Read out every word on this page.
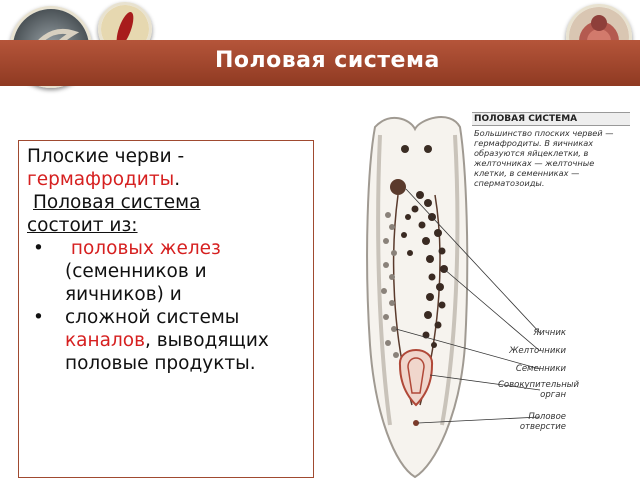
Половая система
Плоские черви -
гермафродиты.
Половая система
состоит из:
• половых желез (семенников и яичников) и
• сложной системы каналов, выводящих половые продукты.
ПОЛОВАЯ СИСТЕМА
Большинство плоских червей — гермафродиты. В яичниках образуются яйцеклетки, в желточниках — желточные клетки, в семенниках — сперматозоиды.
Яичник
Желточники
Семенники
Совокупительный орган
Половое отверстие
